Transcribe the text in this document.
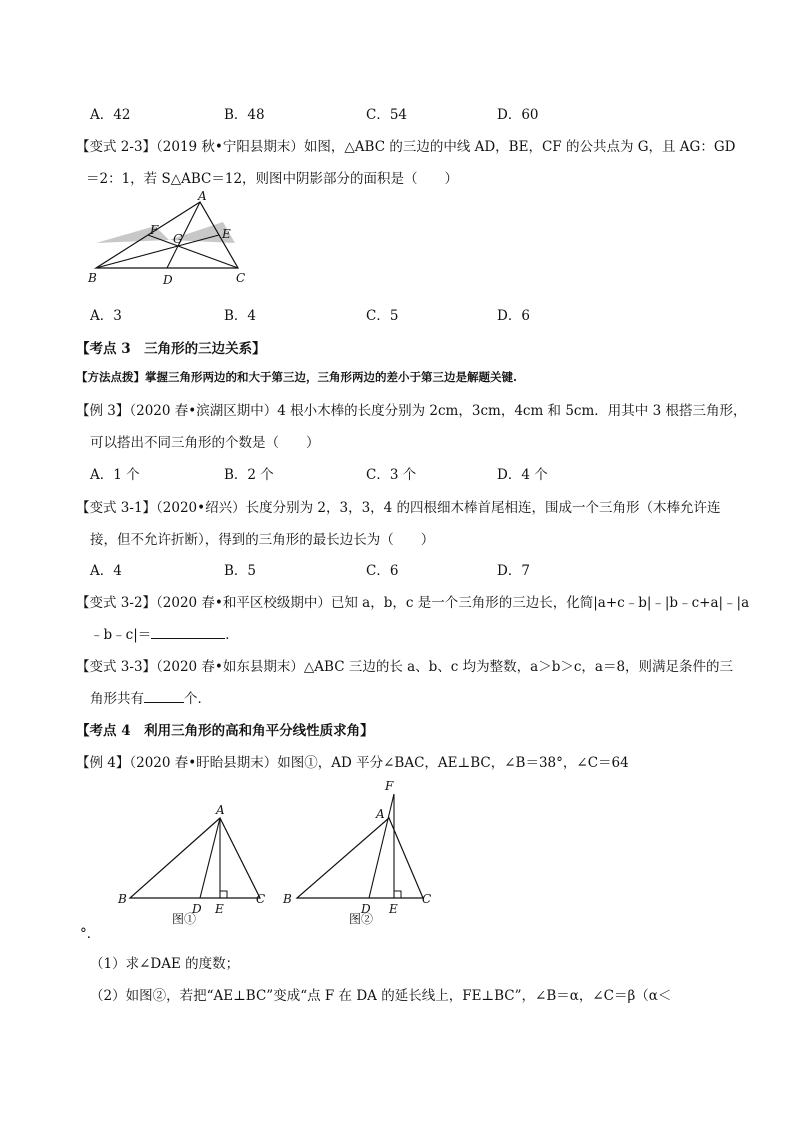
A．42	B．48	C．54	D．60
【变式 2-3】（2019 秋•宁阳县期末）如图，△ABC 的三边的中线 AD，BE，CF 的公共点为 G，且 AG：GD
＝2：1，若 S△ABC＝12，则图中阴影部分的面积是（　　）
A
B	C
D
E
F
G
A．3	B．4	C．5	D．6
【考点 3　三角形的三边关系】
【方法点拨】掌握三角形两边的和大于第三边，三角形两边的差小于第三边是解题关键.
【例 3】（2020 春•滨湖区期中）4 根小木棒的长度分别为 2cm，3cm，4cm 和 5cm．用其中 3 根搭三角形，
可以搭出不同三角形的个数是（　　）
A．1 个	B．2 个	C．3 个	D．4 个
【变式 3-1】（2020•绍兴）长度分别为 2，3，3，4 的四根细木棒首尾相连，围成一个三角形（木棒允许连
接，但不允许折断），得到的三角形的最长边长为（　　）
A．4	B．5	C．6	D．7
【变式 3-2】（2020 春•和平区校级期中）已知 a，b，c 是一个三角形的三边长，化简|a+c﹣b|﹣|b﹣c+a|﹣|a
﹣b﹣c|＝	．
【变式 3-3】（2020 春•如东县期末）△ABC 三边的长 a、b、c 均为整数，a＞b＞c，a＝8，则满足条件的三
角形共有	个．
【考点 4　利用三角形的高和角平分线性质求角】
【例 4】（2020 春•盱眙县期末）如图①，AD 平分∠BAC，AE⊥BC，∠B＝38°，∠C＝64
A
B	C
D E
图①
F
A
B	C
D E
图②
°．
（1）求∠DAE 的度数；
（2）如图②，若把“AE⊥BC”变成“点 F 在 DA 的延长线上，FE⊥BC”，∠B＝α，∠C＝β（α＜
